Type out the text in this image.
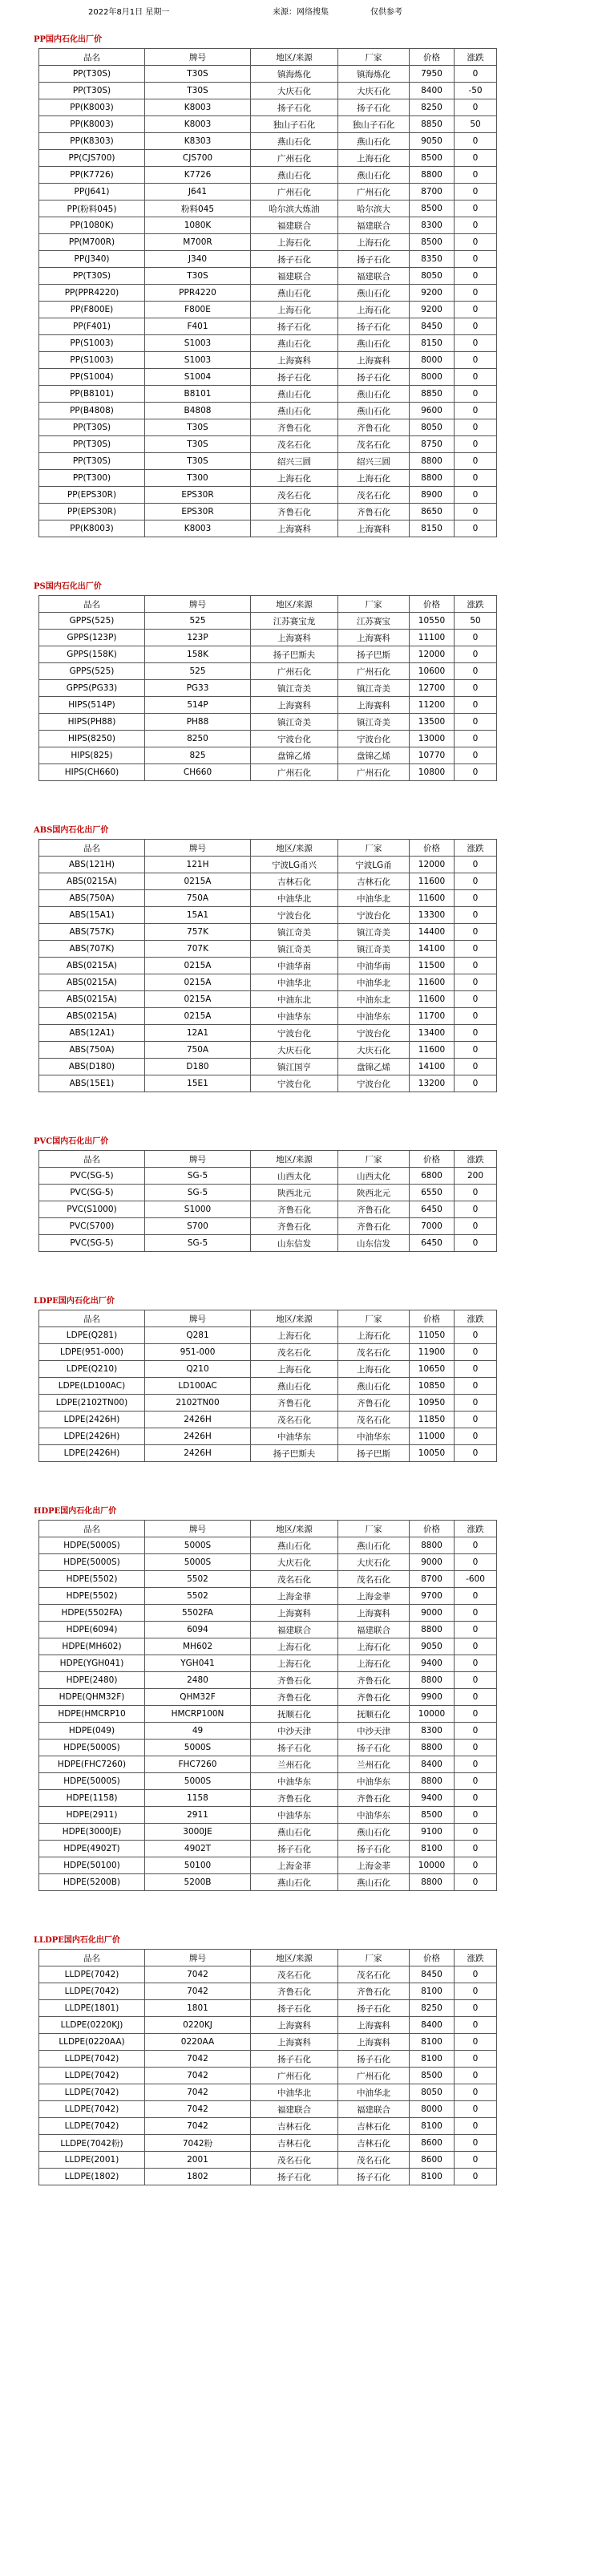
2022年8月1日 星期一	来源：网络搜集	仅供参考
PP国内石化出厂价
品名	牌号	地区/来源	厂家	价格	涨跌
PP(T30S)	T30S	镇海炼化	镇海炼化	7950	0
PP(T30S)	T30S	大庆石化	大庆石化	8400	-50
PP(K8003)	K8003	扬子石化	扬子石化	8250	0
PP(K8003)	K8003	独山子石化	独山子石化	8850	50
PP(K8303)	K8303	燕山石化	燕山石化	9050	0
PP(CJS700)	CJS700	广州石化	上海石化	8500	0
PP(K7726)	K7726	燕山石化	燕山石化	8800	0
PP(J641)	J641	广州石化	广州石化	8700	0
PP(粉料045)	粉料045	哈尔滨大炼油	哈尔滨大	8500	0
PP(1080K)	1080K	福建联合	福建联合	8300	0
PP(M700R)	M700R	上海石化	上海石化	8500	0
PP(J340)	J340	扬子石化	扬子石化	8350	0
PP(T30S)	T30S	福建联合	福建联合	8050	0
PP(PPR4220)	PPR4220	燕山石化	燕山石化	9200	0
PP(F800E)	F800E	上海石化	上海石化	9200	0
PP(F401)	F401	扬子石化	扬子石化	8450	0
PP(S1003)	S1003	燕山石化	燕山石化	8150	0
PP(S1003)	S1003	上海赛科	上海赛科	8000	0
PP(S1004)	S1004	扬子石化	扬子石化	8000	0
PP(B8101)	B8101	燕山石化	燕山石化	8850	0
PP(B4808)	B4808	燕山石化	燕山石化	9600	0
PP(T30S)	T30S	齐鲁石化	齐鲁石化	8050	0
PP(T30S)	T30S	茂名石化	茂名石化	8750	0
PP(T30S)	T30S	绍兴三圆	绍兴三圆	8800	0
PP(T300)	T300	上海石化	上海石化	8800	0
PP(EPS30R)	EPS30R	茂名石化	茂名石化	8900	0
PP(EPS30R)	EPS30R	齐鲁石化	齐鲁石化	8650	0
PP(K8003)	K8003	上海赛科	上海赛科	8150	0
PS国内石化出厂价
品名	牌号	地区/来源	厂家	价格	涨跌
GPPS(525)	525	江苏赛宝龙	江苏赛宝	10550	50
GPPS(123P)	123P	上海赛科	上海赛科	11100	0
GPPS(158K)	158K	扬子巴斯夫	扬子巴斯	12000	0
GPPS(525)	525	广州石化	广州石化	10600	0
GPPS(PG33)	PG33	镇江奇美	镇江奇美	12700	0
HIPS(514P)	514P	上海赛科	上海赛科	11200	0
HIPS(PH88)	PH88	镇江奇美	镇江奇美	13500	0
HIPS(8250)	8250	宁波台化	宁波台化	13000	0
HIPS(825)	825	盘锦乙烯	盘锦乙烯	10770	0
HIPS(CH660)	CH660	广州石化	广州石化	10800	0
ABS国内石化出厂价
品名	牌号	地区/来源	厂家	价格	涨跌
ABS(121H)	121H	宁波LG甬兴	宁波LG甬	12000	0
ABS(0215A)	0215A	吉林石化	吉林石化	11600	0
ABS(750A)	750A	中油华北	中油华北	11600	0
ABS(15A1)	15A1	宁波台化	宁波台化	13300	0
ABS(757K)	757K	镇江奇美	镇江奇美	14400	0
ABS(707K)	707K	镇江奇美	镇江奇美	14100	0
ABS(0215A)	0215A	中油华南	中油华南	11500	0
ABS(0215A)	0215A	中油华北	中油华北	11600	0
ABS(0215A)	0215A	中油东北	中油东北	11600	0
ABS(0215A)	0215A	中油华东	中油华东	11700	0
ABS(12A1)	12A1	宁波台化	宁波台化	13400	0
ABS(750A)	750A	大庆石化	大庆石化	11600	0
ABS(D180)	D180	镇江国亨	盘锦乙烯	14100	0
ABS(15E1)	15E1	宁波台化	宁波台化	13200	0
PVC国内石化出厂价
品名	牌号	地区/来源	厂家	价格	涨跌
PVC(SG-5)	SG-5	山西太化	山西太化	6800	200
PVC(SG-5)	SG-5	陕西北元	陕西北元	6550	0
PVC(S1000)	S1000	齐鲁石化	齐鲁石化	6450	0
PVC(S700)	S700	齐鲁石化	齐鲁石化	7000	0
PVC(SG-5)	SG-5	山东信发	山东信发	6450	0
LDPE国内石化出厂价
品名	牌号	地区/来源	厂家	价格	涨跌
LDPE(Q281)	Q281	上海石化	上海石化	11050	0
LDPE(951-000)	951-000	茂名石化	茂名石化	11900	0
LDPE(Q210)	Q210	上海石化	上海石化	10650	0
LDPE(LD100AC)	LD100AC	燕山石化	燕山石化	10850	0
LDPE(2102TN00)	2102TN00	齐鲁石化	齐鲁石化	10950	0
LDPE(2426H)	2426H	茂名石化	茂名石化	11850	0
LDPE(2426H)	2426H	中油华东	中油华东	11000	0
LDPE(2426H)	2426H	扬子巴斯夫	扬子巴斯	10050	0
HDPE国内石化出厂价
品名	牌号	地区/来源	厂家	价格	涨跌
HDPE(5000S)	5000S	燕山石化	燕山石化	8800	0
HDPE(5000S)	5000S	大庆石化	大庆石化	9000	0
HDPE(5502)	5502	茂名石化	茂名石化	8700	-600
HDPE(5502)	5502	上海金菲	上海金菲	9700	0
HDPE(5502FA)	5502FA	上海赛科	上海赛科	9000	0
HDPE(6094)	6094	福建联合	福建联合	8800	0
HDPE(MH602)	MH602	上海石化	上海石化	9050	0
HDPE(YGH041)	YGH041	上海石化	上海石化	9400	0
HDPE(2480)	2480	齐鲁石化	齐鲁石化	8800	0
HDPE(QHM32F)	QHM32F	齐鲁石化	齐鲁石化	9900	0
HDPE(HMCRP10	HMCRP100N	抚顺石化	抚顺石化	10000	0
HDPE(049)	49	中沙天津	中沙天津	8300	0
HDPE(5000S)	5000S	扬子石化	扬子石化	8800	0
HDPE(FHC7260)	FHC7260	兰州石化	兰州石化	8400	0
HDPE(5000S)	5000S	中油华东	中油华东	8800	0
HDPE(1158)	1158	齐鲁石化	齐鲁石化	9400	0
HDPE(2911)	2911	中油华东	中油华东	8500	0
HDPE(3000JE)	3000JE	燕山石化	燕山石化	9100	0
HDPE(4902T)	4902T	扬子石化	扬子石化	8100	0
HDPE(50100)	50100	上海金菲	上海金菲	10000	0
HDPE(5200B)	5200B	燕山石化	燕山石化	8800	0
LLDPE国内石化出厂价
品名	牌号	地区/来源	厂家	价格	涨跌
LLDPE(7042)	7042	茂名石化	茂名石化	8450	0
LLDPE(7042)	7042	齐鲁石化	齐鲁石化	8100	0
LLDPE(1801)	1801	扬子石化	扬子石化	8250	0
LLDPE(0220KJ)	0220KJ	上海赛科	上海赛科	8400	0
LLDPE(0220AA)	0220AA	上海赛科	上海赛科	8100	0
LLDPE(7042)	7042	扬子石化	扬子石化	8100	0
LLDPE(7042)	7042	广州石化	广州石化	8500	0
LLDPE(7042)	7042	中油华北	中油华北	8050	0
LLDPE(7042)	7042	福建联合	福建联合	8000	0
LLDPE(7042)	7042	吉林石化	吉林石化	8100	0
LLDPE(7042粉)	7042粉	吉林石化	吉林石化	8600	0
LLDPE(2001)	2001	茂名石化	茂名石化	8600	0
LLDPE(1802)	1802	扬子石化	扬子石化	8100	0
